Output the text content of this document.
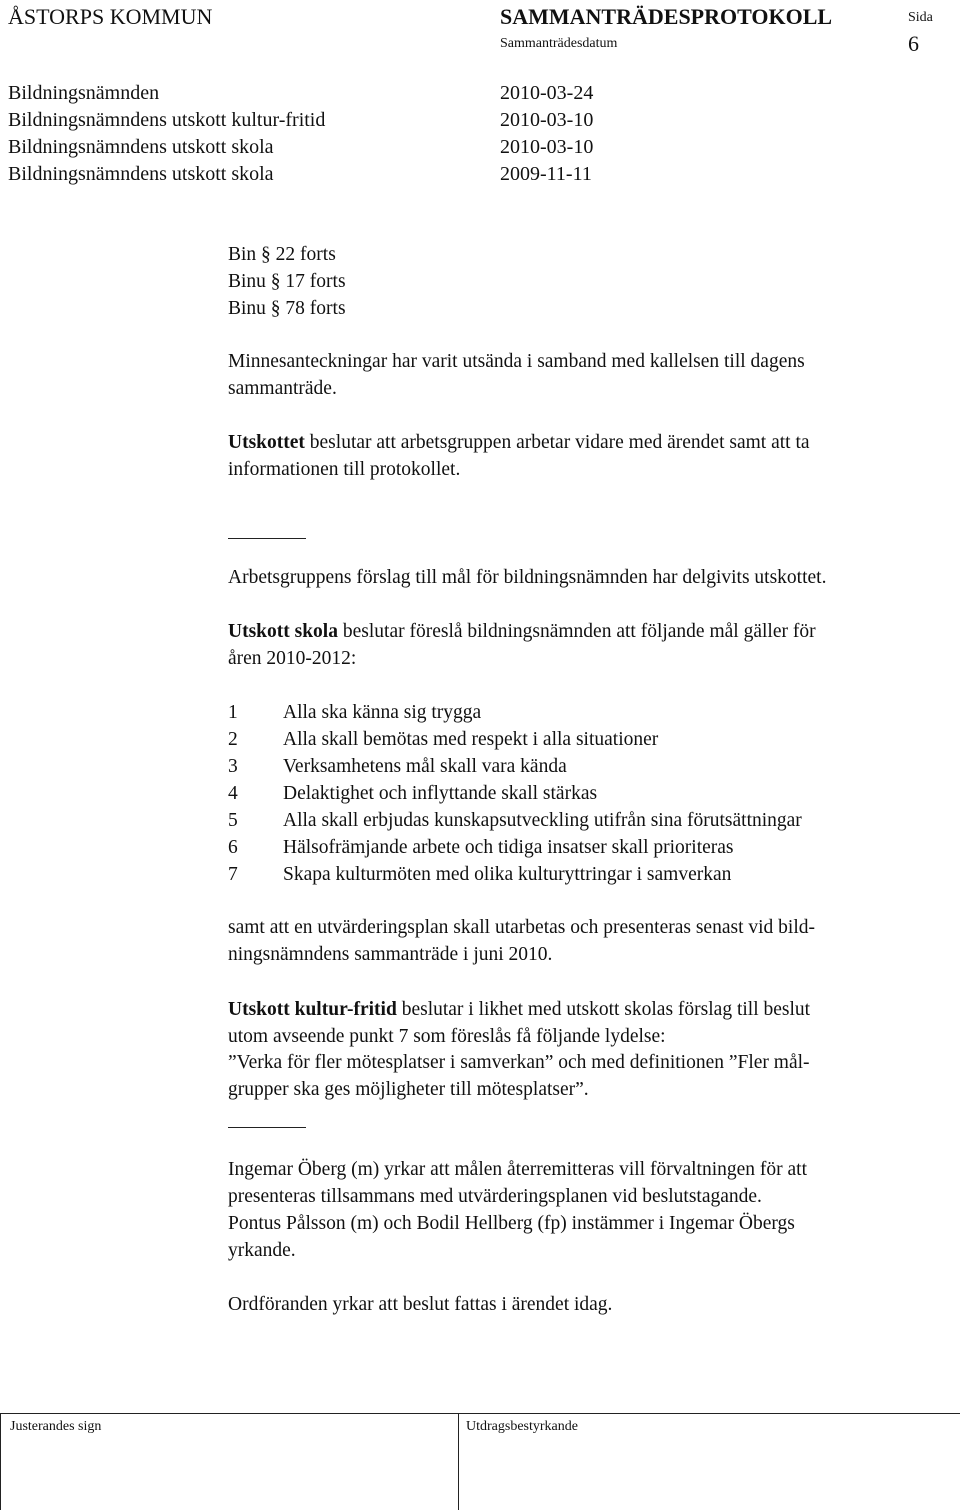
ÅSTORPS KOMMUN	SAMMANTRÄDESPROTOKOLL	Sida
Sammanträdesdatum	6
Bildningsnämnden	2010-03-24
Bildningsnämndens utskott kultur-fritid	2010-03-10
Bildningsnämndens utskott skola	2010-03-10
Bildningsnämndens utskott skola	2009-11-11
Bin § 22 forts
Binu § 17 forts
Binu § 78 forts
Minnesanteckningar har varit utsända i samband med kallelsen till dagens
sammanträde.
Utskottet beslutar att arbetsgruppen arbetar vidare med ärendet samt att ta
informationen till protokollet.
Arbetsgruppens förslag till mål för bildningsnämnden har delgivits utskottet.
Utskott skola beslutar föreslå bildningsnämnden att följande mål gäller för
åren 2010-2012:
1 Alla ska känna sig trygga
2 Alla skall bemötas med respekt i alla situationer
3 Verksamhetens mål skall vara kända
4 Delaktighet och inflyttande skall stärkas
5 Alla skall erbjudas kunskapsutveckling utifrån sina förutsättningar
6 Hälsofrämjande arbete och tidiga insatser skall prioriteras
7 Skapa kulturmöten med olika kulturyttringar i samverkan
samt att en utvärderingsplan skall utarbetas och presenteras senast vid bild-
ningsnämndens sammanträde i juni 2010.
Utskott kultur-fritid beslutar i likhet med utskott skolas förslag till beslut
utom avseende punkt 7 som föreslås få följande lydelse:
”Verka för fler mötesplatser i samverkan” och med definitionen ”Fler mål-
grupper ska ges möjligheter till mötesplatser”.
Ingemar Öberg (m) yrkar att målen återremitteras vill förvaltningen för att
presenteras tillsammans med utvärderingsplanen vid beslutstagande.
Pontus Pålsson (m) och Bodil Hellberg (fp) instämmer i Ingemar Öbergs
yrkande.
Ordföranden yrkar att beslut fattas i ärendet idag.
Justerandes sign	Utdragsbestyrkande
